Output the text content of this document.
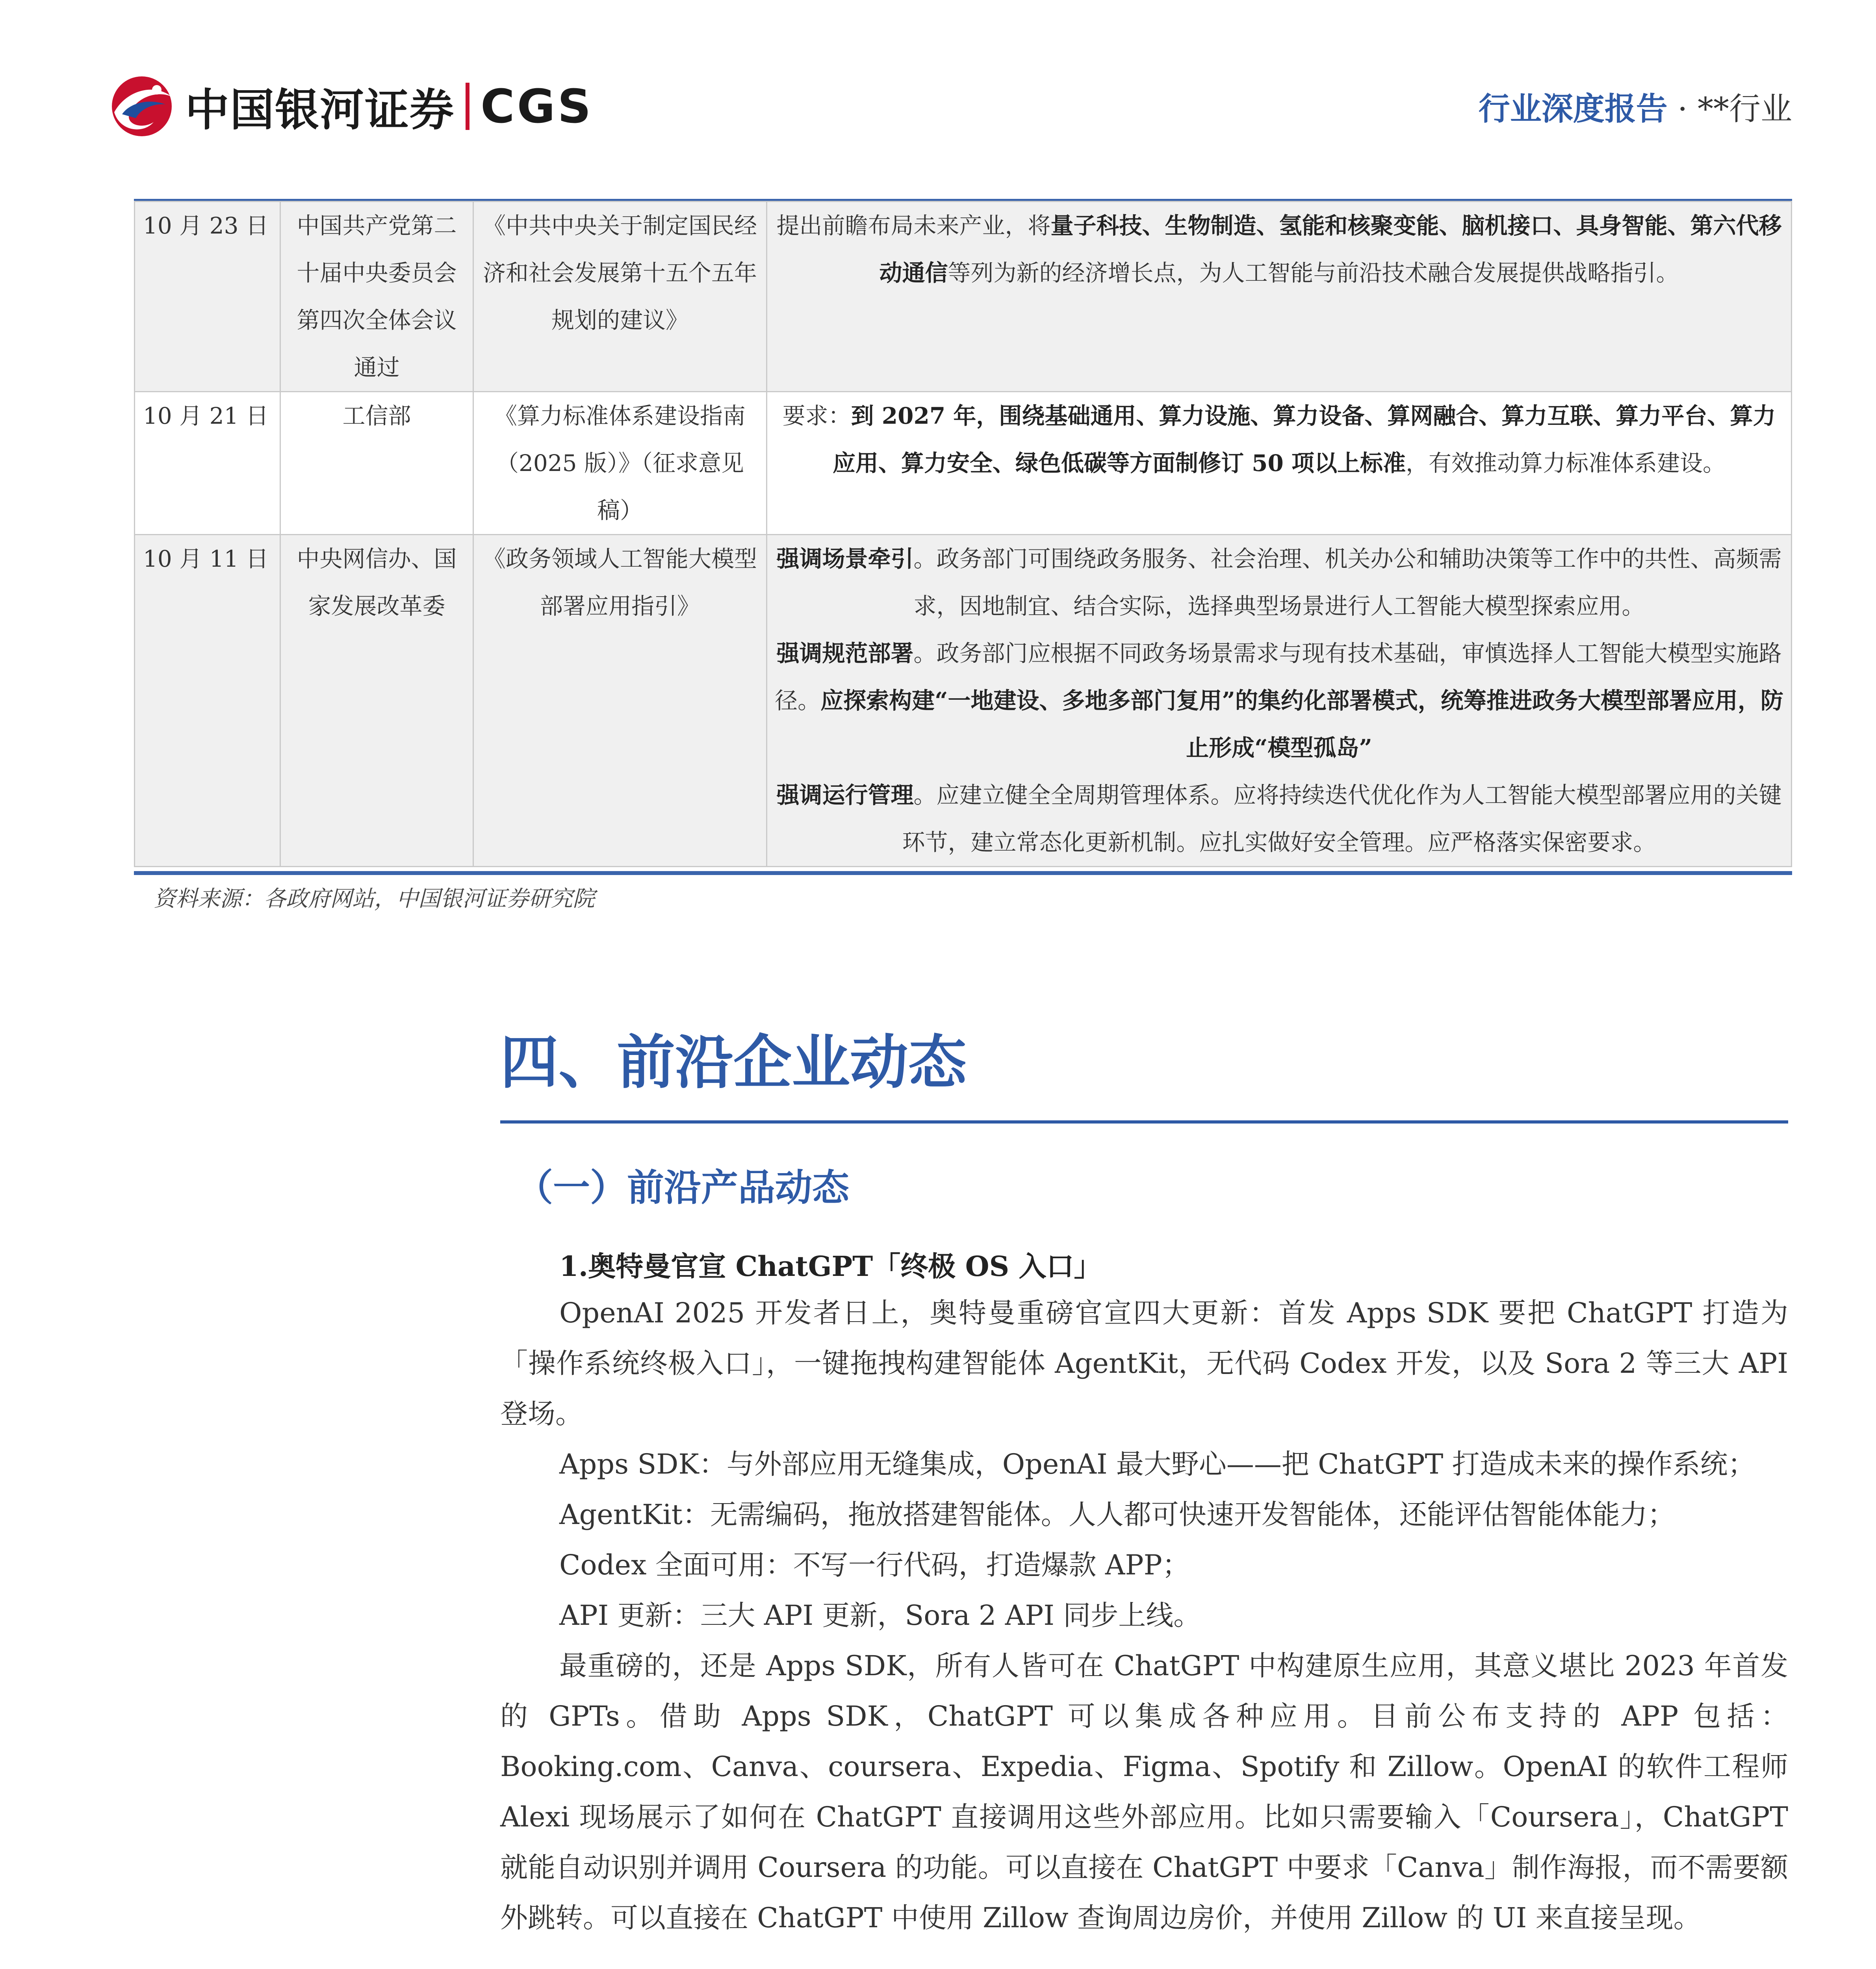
中国银河证券 CGS	行业深度报告 · **行业
10 月 23 日	中国共产党第二十届中央委员会第四次全体会议通过	《中共中央关于制定国民经济和社会发展第十五个五年规划的建议》	提出前瞻布局未来产业，将量子科技、生物制造、氢能和核聚变能、脑机接口、具身智能、第六代移动通信等列为新的经济增长点，为人工智能与前沿技术融合发展提供战略指引。
10 月 21 日	工信部	《算力标准体系建设指南（2025 版）》（征求意见稿）	要求：到 2027 年，围绕基础通用、算力设施、算力设备、算网融合、算力互联、算力平台、算力应用、算力安全、绿色低碳等方面制修订 50 项以上标准，有效推动算力标准体系建设。
10 月 11 日	中央网信办、国家发展改革委	《政务领域人工智能大模型部署应用指引》	强调场景牵引。政务部门可围绕政务服务、社会治理、机关办公和辅助决策等工作中的共性、高频需求，因地制宜、结合实际，选择典型场景进行人工智能大模型探索应用。
强调规范部署。政务部门应根据不同政务场景需求与现有技术基础，审慎选择人工智能大模型实施路径。应探索构建“一地建设、多地多部门复用”的集约化部署模式，统筹推进政务大模型部署应用，防止形成“模型孤岛”
强调运行管理。应建立健全全周期管理体系。应将持续迭代优化作为人工智能大模型部署应用的关键环节，建立常态化更新机制。应扎实做好安全管理。应严格落实保密要求。
资料来源：各政府网站，中国银河证券研究院
四、前沿企业动态
（一）前沿产品动态
1.奥特曼官宣 ChatGPT「终极 OS 入口」

OpenAI 2025 开发者日上，奥特曼重磅官宣四大更新：首发 Apps SDK 要把 ChatGPT 打造为「操作系统终极入口」，一键拖拽构建智能体 AgentKit，无代码 Codex 开发，以及 Sora 2 等三大 API 登场。

Apps SDK：与外部应用无缝集成，OpenAI 最大野心——把 ChatGPT 打造成未来的操作系统；

AgentKit：无需编码，拖放搭建智能体。人人都可快速开发智能体，还能评估智能体能力；

Codex 全面可用：不写一行代码，打造爆款 APP；

API 更新：三大 API 更新，Sora 2 API 同步上线。

最重磅的，还是 Apps SDK，所有人皆可在 ChatGPT 中构建原生应用，其意义堪比 2023 年首发的 GPTs。借助 Apps SDK，ChatGPT 可以集成各种应用。目前公布支持的 APP 包括：Booking.com、Canva、coursera、Expedia、Figma、Spotify 和 Zillow。OpenAI 的软件工程师 Alexi 现场展示了如何在 ChatGPT 直接调用这些外部应用。比如只需要输入「Coursera」，ChatGPT 就能自动识别并调用 Coursera 的功能。可以直接在 ChatGPT 中要求「Canva」制作海报，而不需要额外跳转。可以直接在 ChatGPT 中使用 Zillow 查询周边房价，并使用 Zillow 的 UI 来直接呈现。
